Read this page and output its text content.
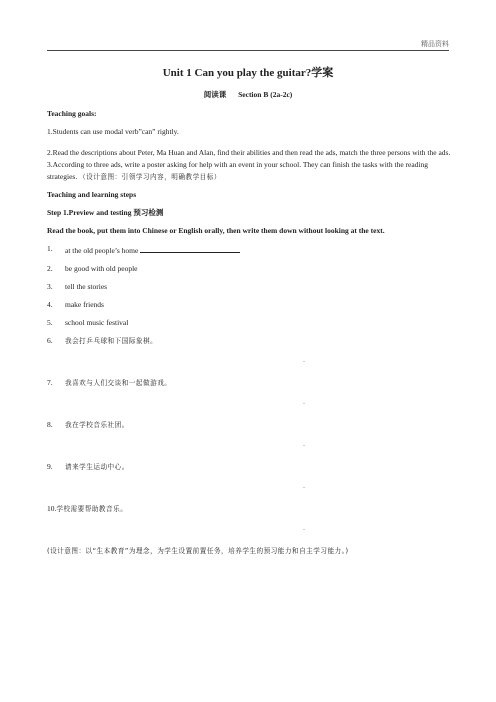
精品资料
Unit 1 Can you play the guitar?学案
阅读课 Section B (2a-2c)

Teaching goals:

1.Students can use modal verb”can” rightly.

2.Read the descriptions about Peter, Ma Huan and Alan, find their abilities and then read the ads, match the three persons with the ads. 3.According to three ads, write a poster asking for help with an event in your school. They can finish the tasks with the reading strategies. （设计意图：引领学习内容，明确教学目标）

Teaching and learning steps

Step 1.Preview and testing 预习检测

Read the book, put them into Chinese or English orally, then write them down without looking at the text.

1.	at the old people’s home
2.	be good with old people
3.	tell the stories
4.	make friends
5.	school music festival
6.	我会打乒乓球和下国际象棋。
-
7.	我喜欢与人们交谈和一起做游戏。
-
8.	我在学校音乐社团。
-
9.	请来学生运动中心。
-
10. 学校需要帮助教音乐。
-

(设计意图：以“生本教育”为理念，为学生设置前置任务，培养学生的预习能力和自主学习能力。)
